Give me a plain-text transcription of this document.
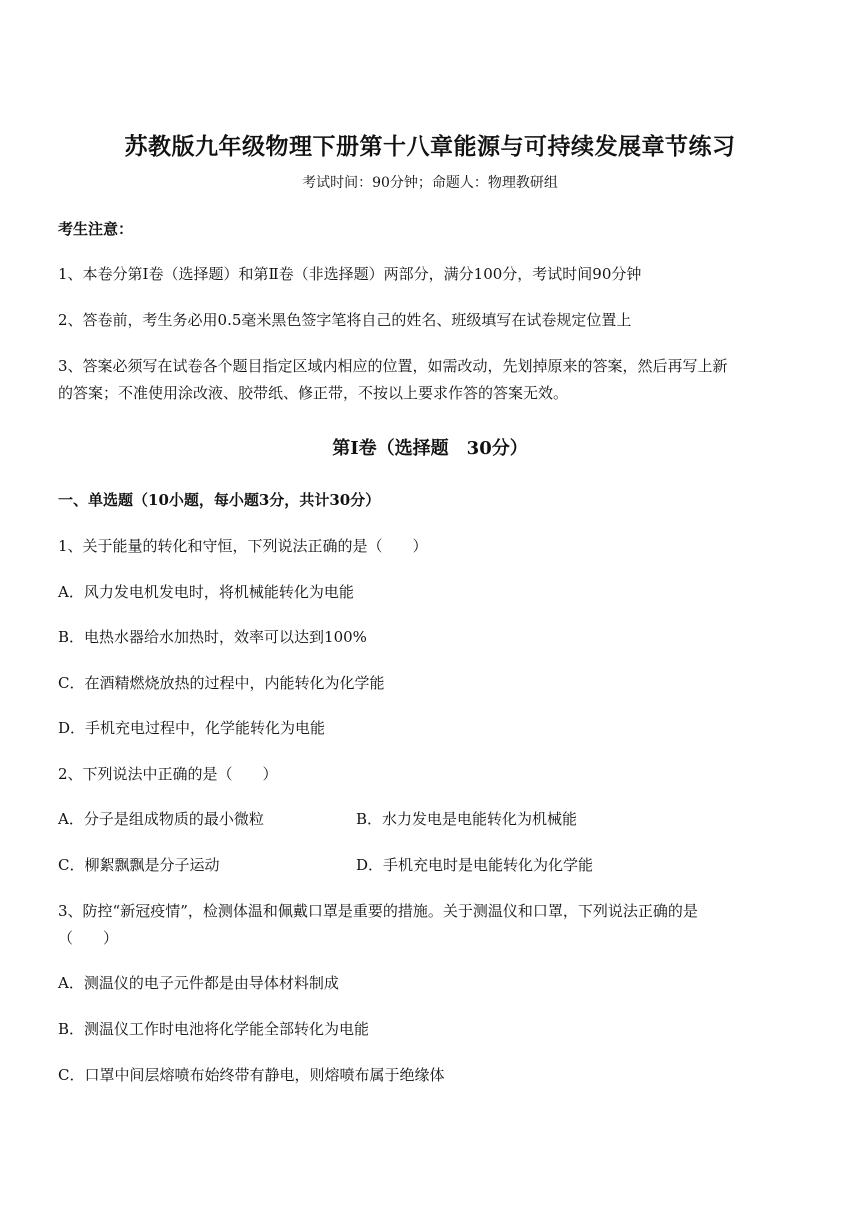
苏教版九年级物理下册第十八章能源与可持续发展章节练习
考试时间：90分钟；命题人：物理教研组
考生注意：
1、本卷分第Ⅰ卷（选择题）和第Ⅱ卷（非选择题）两部分，满分100分，考试时间90分钟
2、答卷前，考生务必用0.5毫米黑色签字笔将自己的姓名、班级填写在试卷规定位置上
3、答案必须写在试卷各个题目指定区域内相应的位置，如需改动，先划掉原来的答案，然后再写上新
的答案；不准使用涂改液、胶带纸、修正带，不按以上要求作答的答案无效。
第Ⅰ卷（选择题　30分）
一、单选题（10小题，每小题3分，共计30分）
1、关于能量的转化和守恒，下列说法正确的是（　　）
A．风力发电机发电时，将机械能转化为电能
B．电热水器给水加热时，效率可以达到100%
C．在酒精燃烧放热的过程中，内能转化为化学能
D．手机充电过程中，化学能转化为电能
2、下列说法中正确的是（　　）
A．分子是组成物质的最小微粒	B．水力发电是电能转化为机械能
C．柳絮飘飘是分子运动	D．手机充电时是电能转化为化学能
3、防控“新冠疫情”，检测体温和佩戴口罩是重要的措施。关于测温仪和口罩，下列说法正确的是
（　　）
A．测温仪的电子元件都是由导体材料制成
B．测温仪工作时电池将化学能全部转化为电能
C．口罩中间层熔喷布始终带有静电，则熔喷布属于绝缘体
